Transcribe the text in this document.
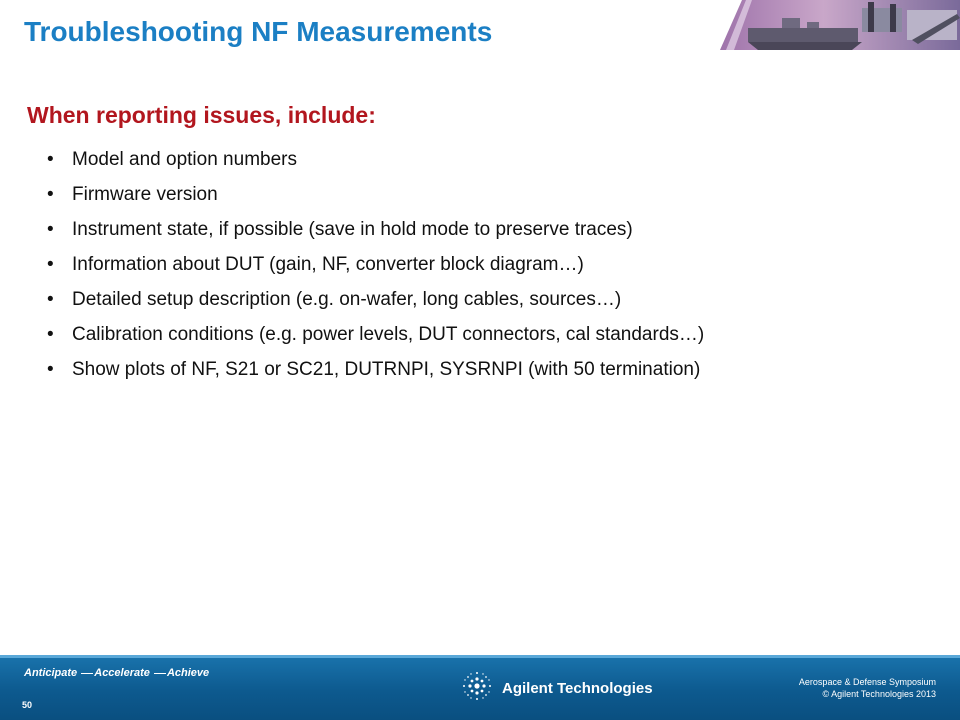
Troubleshooting NF Measurements
When reporting issues, include:
• Model and option numbers
• Firmware version
• Instrument state, if possible (save in hold mode to preserve traces)
• Information about DUT (gain, NF, converter block diagram…)
• Detailed setup description (e.g. on-wafer, long cables, sources…)
• Calibration conditions (e.g. power levels, DUT connectors, cal standards…)
• Show plots of NF, S21 or SC21, DUTRNPI, SYSRNPI (with 50 termination)
Anticipate Accelerate Achieve
50
Agilent Technologies	Aerospace & Defense Symposium
© Agilent Technologies 2013
